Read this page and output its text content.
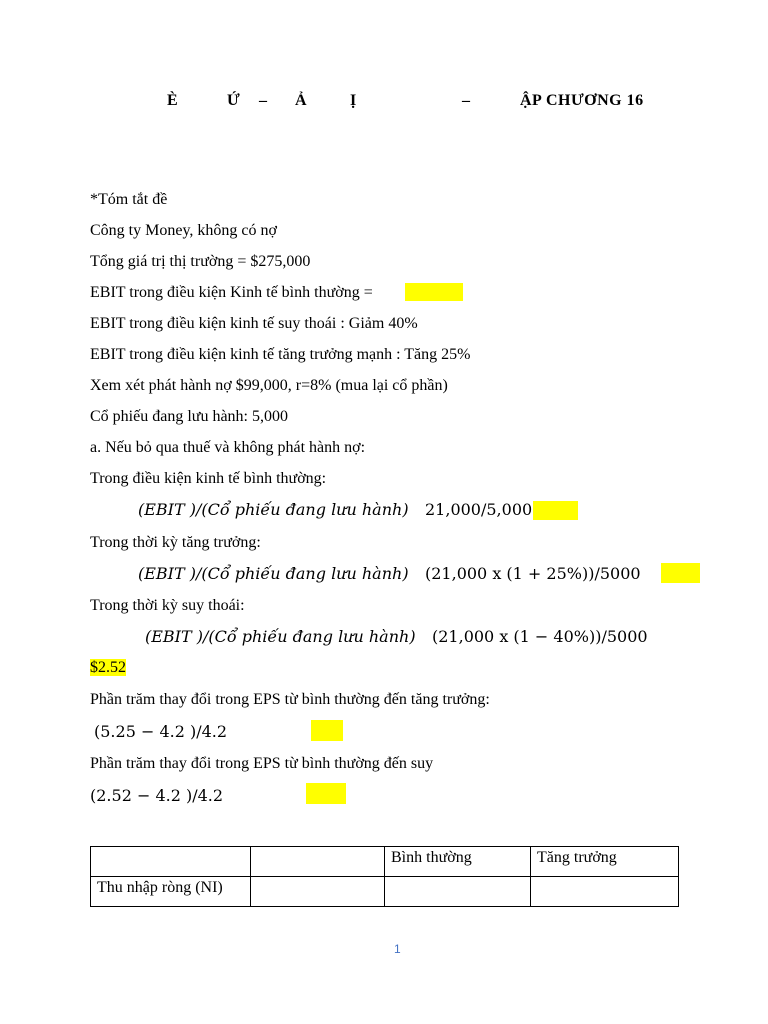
È	Ứ – Ả	Ị	–	ẬP CHƯƠNG 16
*Tóm tắt đề
Công ty Money, không có nợ
Tổng giá trị thị trường = $275,000
EBIT trong điều kiện Kinh tế bình thường =
EBIT trong điều kiện kinh tế suy thoái : Giảm 40%
EBIT trong điều kiện kinh tế tăng trưởng mạnh : Tăng 25%
Xem xét phát hành nợ $99,000, r=8% (mua lại cổ phần)
Cổ phiếu đang lưu hành: 5,000
a. Nếu bỏ qua thuế và không phát hành nợ:
Trong điều kiện kinh tế bình thường:
(EBIT )/(Cổ phiếu đang lưu hành) 21,000/5,000
Trong thời kỳ tăng trưởng:
(EBIT )/(Cổ phiếu đang lưu hành) (21,000 x (1 + 25%))/5000
Trong thời kỳ suy thoái:
(EBIT )/(Cổ phiếu đang lưu hành) (21,000 x (1 − 40%))/5000
$2.52
Phần trăm thay đổi trong EPS từ bình thường đến tăng trưởng:
(5.25 − 4.2 )/4.2
Phần trăm thay đổi trong EPS từ bình thường đến suy
(2.52 − 4.2 )/4.2
		Bình thường	Tăng trưởng
Thu nhập ròng (NI)			
1
